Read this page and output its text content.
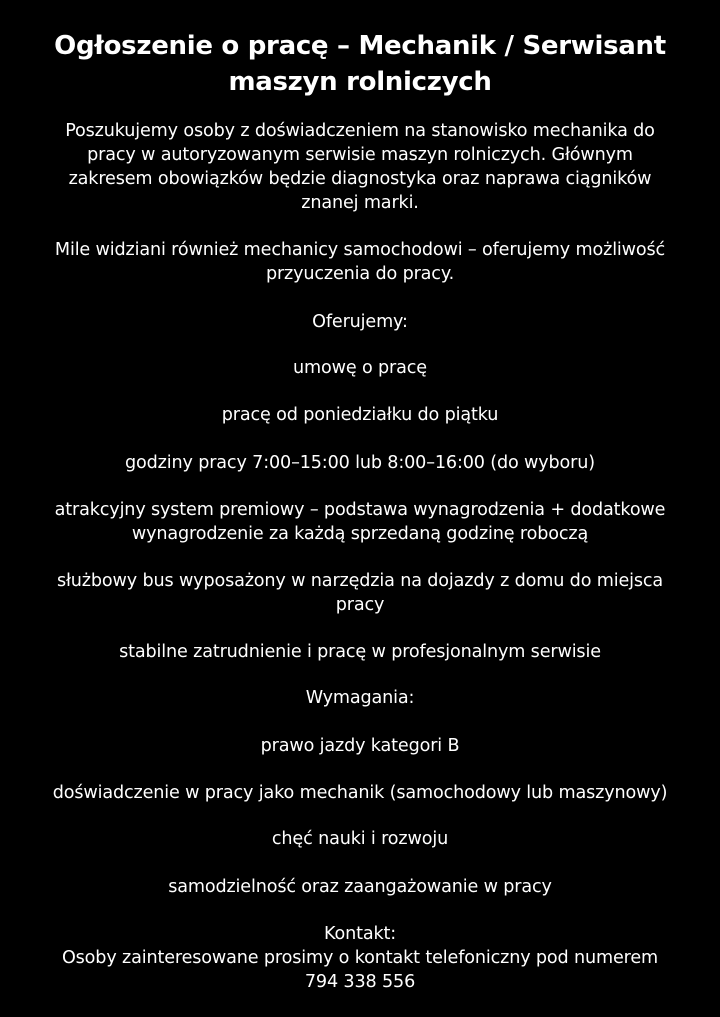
Ogłoszenie o pracę – Mechanik / Serwisant
maszyn rolniczych

Poszukujemy osoby z doświadczeniem na stanowisko mechanika do
pracy w autoryzowanym serwisie maszyn rolniczych. Głównym
zakresem obowiązków będzie diagnostyka oraz naprawa ciągników
znanej marki.

Mile widziani również mechanicy samochodowi – oferujemy możliwość
przyuczenia do pracy.

Oferujemy:

umowę o pracę

pracę od poniedziałku do piątku

godziny pracy 7:00–15:00 lub 8:00–16:00 (do wyboru)

atrakcyjny system premiowy – podstawa wynagrodzenia + dodatkowe
wynagrodzenie za każdą sprzedaną godzinę roboczą

służbowy bus wyposażony w narzędzia na dojazdy z domu do miejsca
pracy

stabilne zatrudnienie i pracę w profesjonalnym serwisie

Wymagania:

prawo jazdy kategori B

doświadczenie w pracy jako mechanik (samochodowy lub maszynowy)

chęć nauki i rozwoju

samodzielność oraz zaangażowanie w pracy

Kontakt:
Osoby zainteresowane prosimy o kontakt telefoniczny pod numerem
794 338 556
